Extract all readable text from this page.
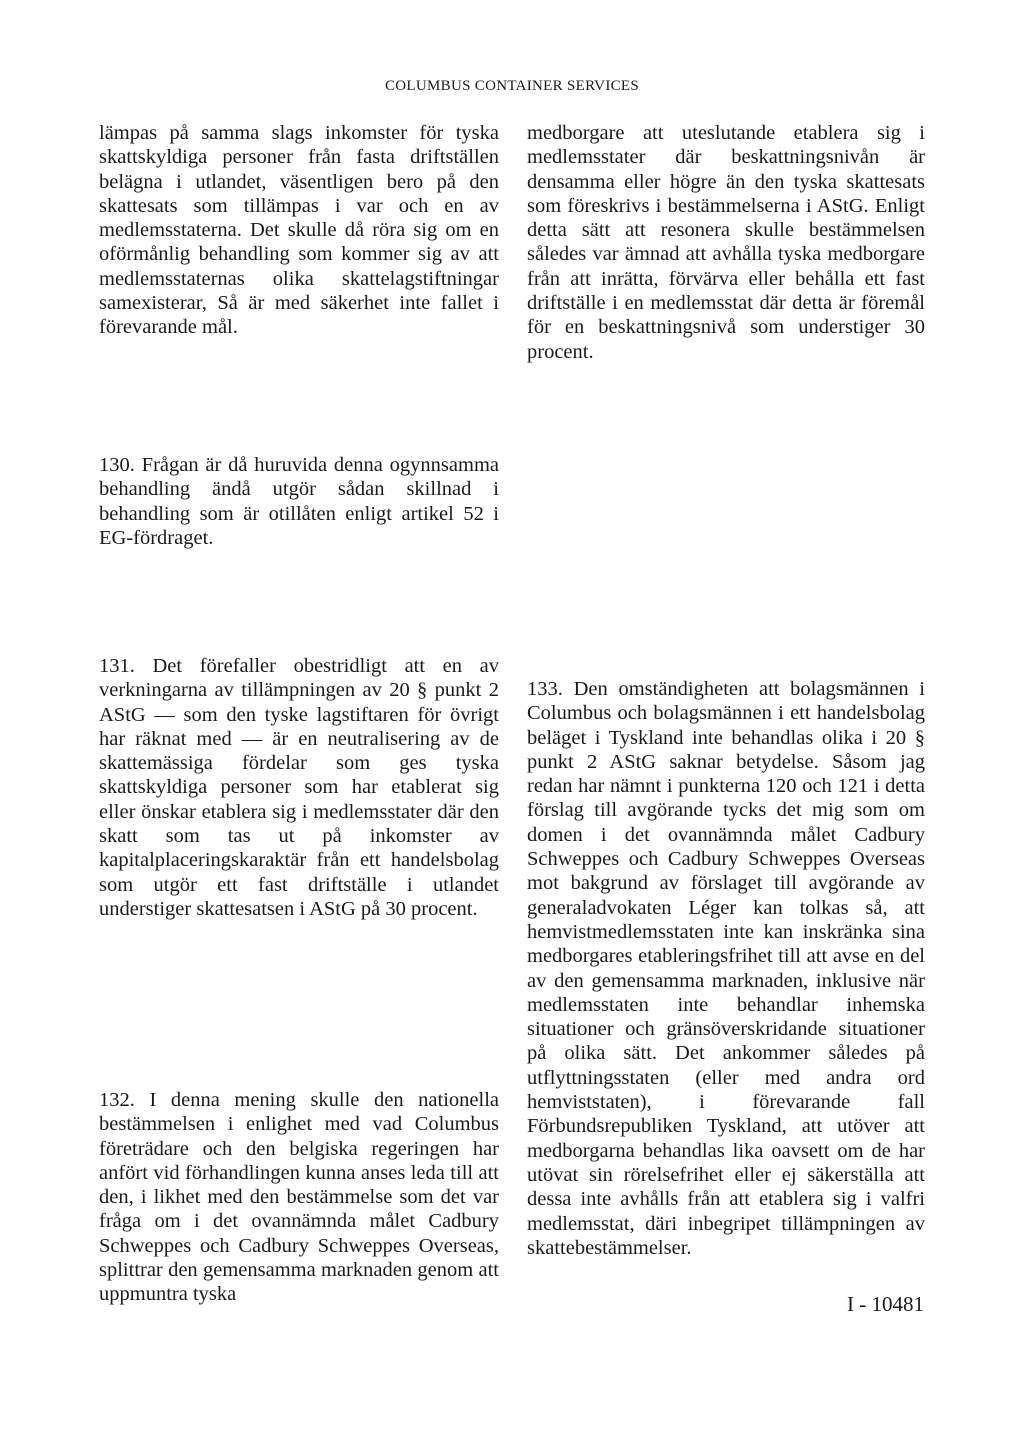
COLUMBUS CONTAINER SERVICES

lämpas på samma slags inkomster för tyska skattskyldiga personer från fasta driftställen belägna i utlandet, väsentligen bero på den skattesats som tillämpas i var och en av medlemsstaterna. Det skulle då röra sig om en oförmånlig behandling som kommer sig av att medlemsstaternas olika skattelagstiftningar samexisterar, Så är med säkerhet inte fallet i förevarande mål.

medborgare att uteslutande etablera sig i medlemsstater där beskattningsnivån är densamma eller högre än den tyska skattesats som föreskrivs i bestämmelserna i AStG. Enligt detta sätt att resonera skulle bestämmelsen således var ämnad att avhålla tyska medborgare från att inrätta, förvärva eller behålla ett fast driftställe i en medlemsstat där detta är föremål för en beskattningsnivå som understiger 30 procent.

130. Frågan är då huruvida denna ogynnsamma behandling ändå utgör sådan skillnad i behandling som är otillåten enligt artikel 52 i EG-fördraget.

131. Det förefaller obestridligt att en av verkningarna av tillämpningen av 20 § punkt 2 AStG — som den tyske lagstiftaren för övrigt har räknat med — är en neutralisering av de skattemässiga fördelar som ges tyska skattskyldiga personer som har etablerat sig eller önskar etablera sig i medlemsstater där den skatt som tas ut på inkomster av kapitalplaceringskaraktär från ett handelsbolag som utgör ett fast driftställe i utlandet understiger skattesatsen i AStG på 30 procent.

132. I denna mening skulle den nationella bestämmelsen i enlighet med vad Columbus företrädare och den belgiska regeringen har anfört vid förhandlingen kunna anses leda till att den, i likhet med den bestämmelse som det var fråga om i det ovannämnda målet Cadbury Schweppes och Cadbury Schweppes Overseas, splittrar den gemensamma marknaden genom att uppmuntra tyska

133. Den omständigheten att bolagsmännen i Columbus och bolagsmännen i ett handelsbolag beläget i Tyskland inte behandlas olika i 20 § punkt 2 AStG saknar betydelse. Såsom jag redan har nämnt i punkterna 120 och 121 i detta förslag till avgörande tycks det mig som om domen i det ovannämnda målet Cadbury Schweppes och Cadbury Schweppes Overseas mot bakgrund av förslaget till avgörande av generaladvokaten Léger kan tolkas så, att hemvistmedlemsstaten inte kan inskränka sina medborgares etableringsfrihet till att avse en del av den gemensamma marknaden, inklusive när medlemsstaten inte behandlar inhemska situationer och gränsöverskridande situationer på olika sätt. Det ankommer således på utflyttningsstaten (eller med andra ord hemviststaten), i förevarande fall Förbundsrepubliken Tyskland, att utöver att medborgarna behandlas lika oavsett om de har utövat sin rörelsefrihet eller ej säkerställa att dessa inte avhålls från att etablera sig i valfri medlemsstat, däri inbegripet tillämpningen av skattebestämmelser.

I - 10481
